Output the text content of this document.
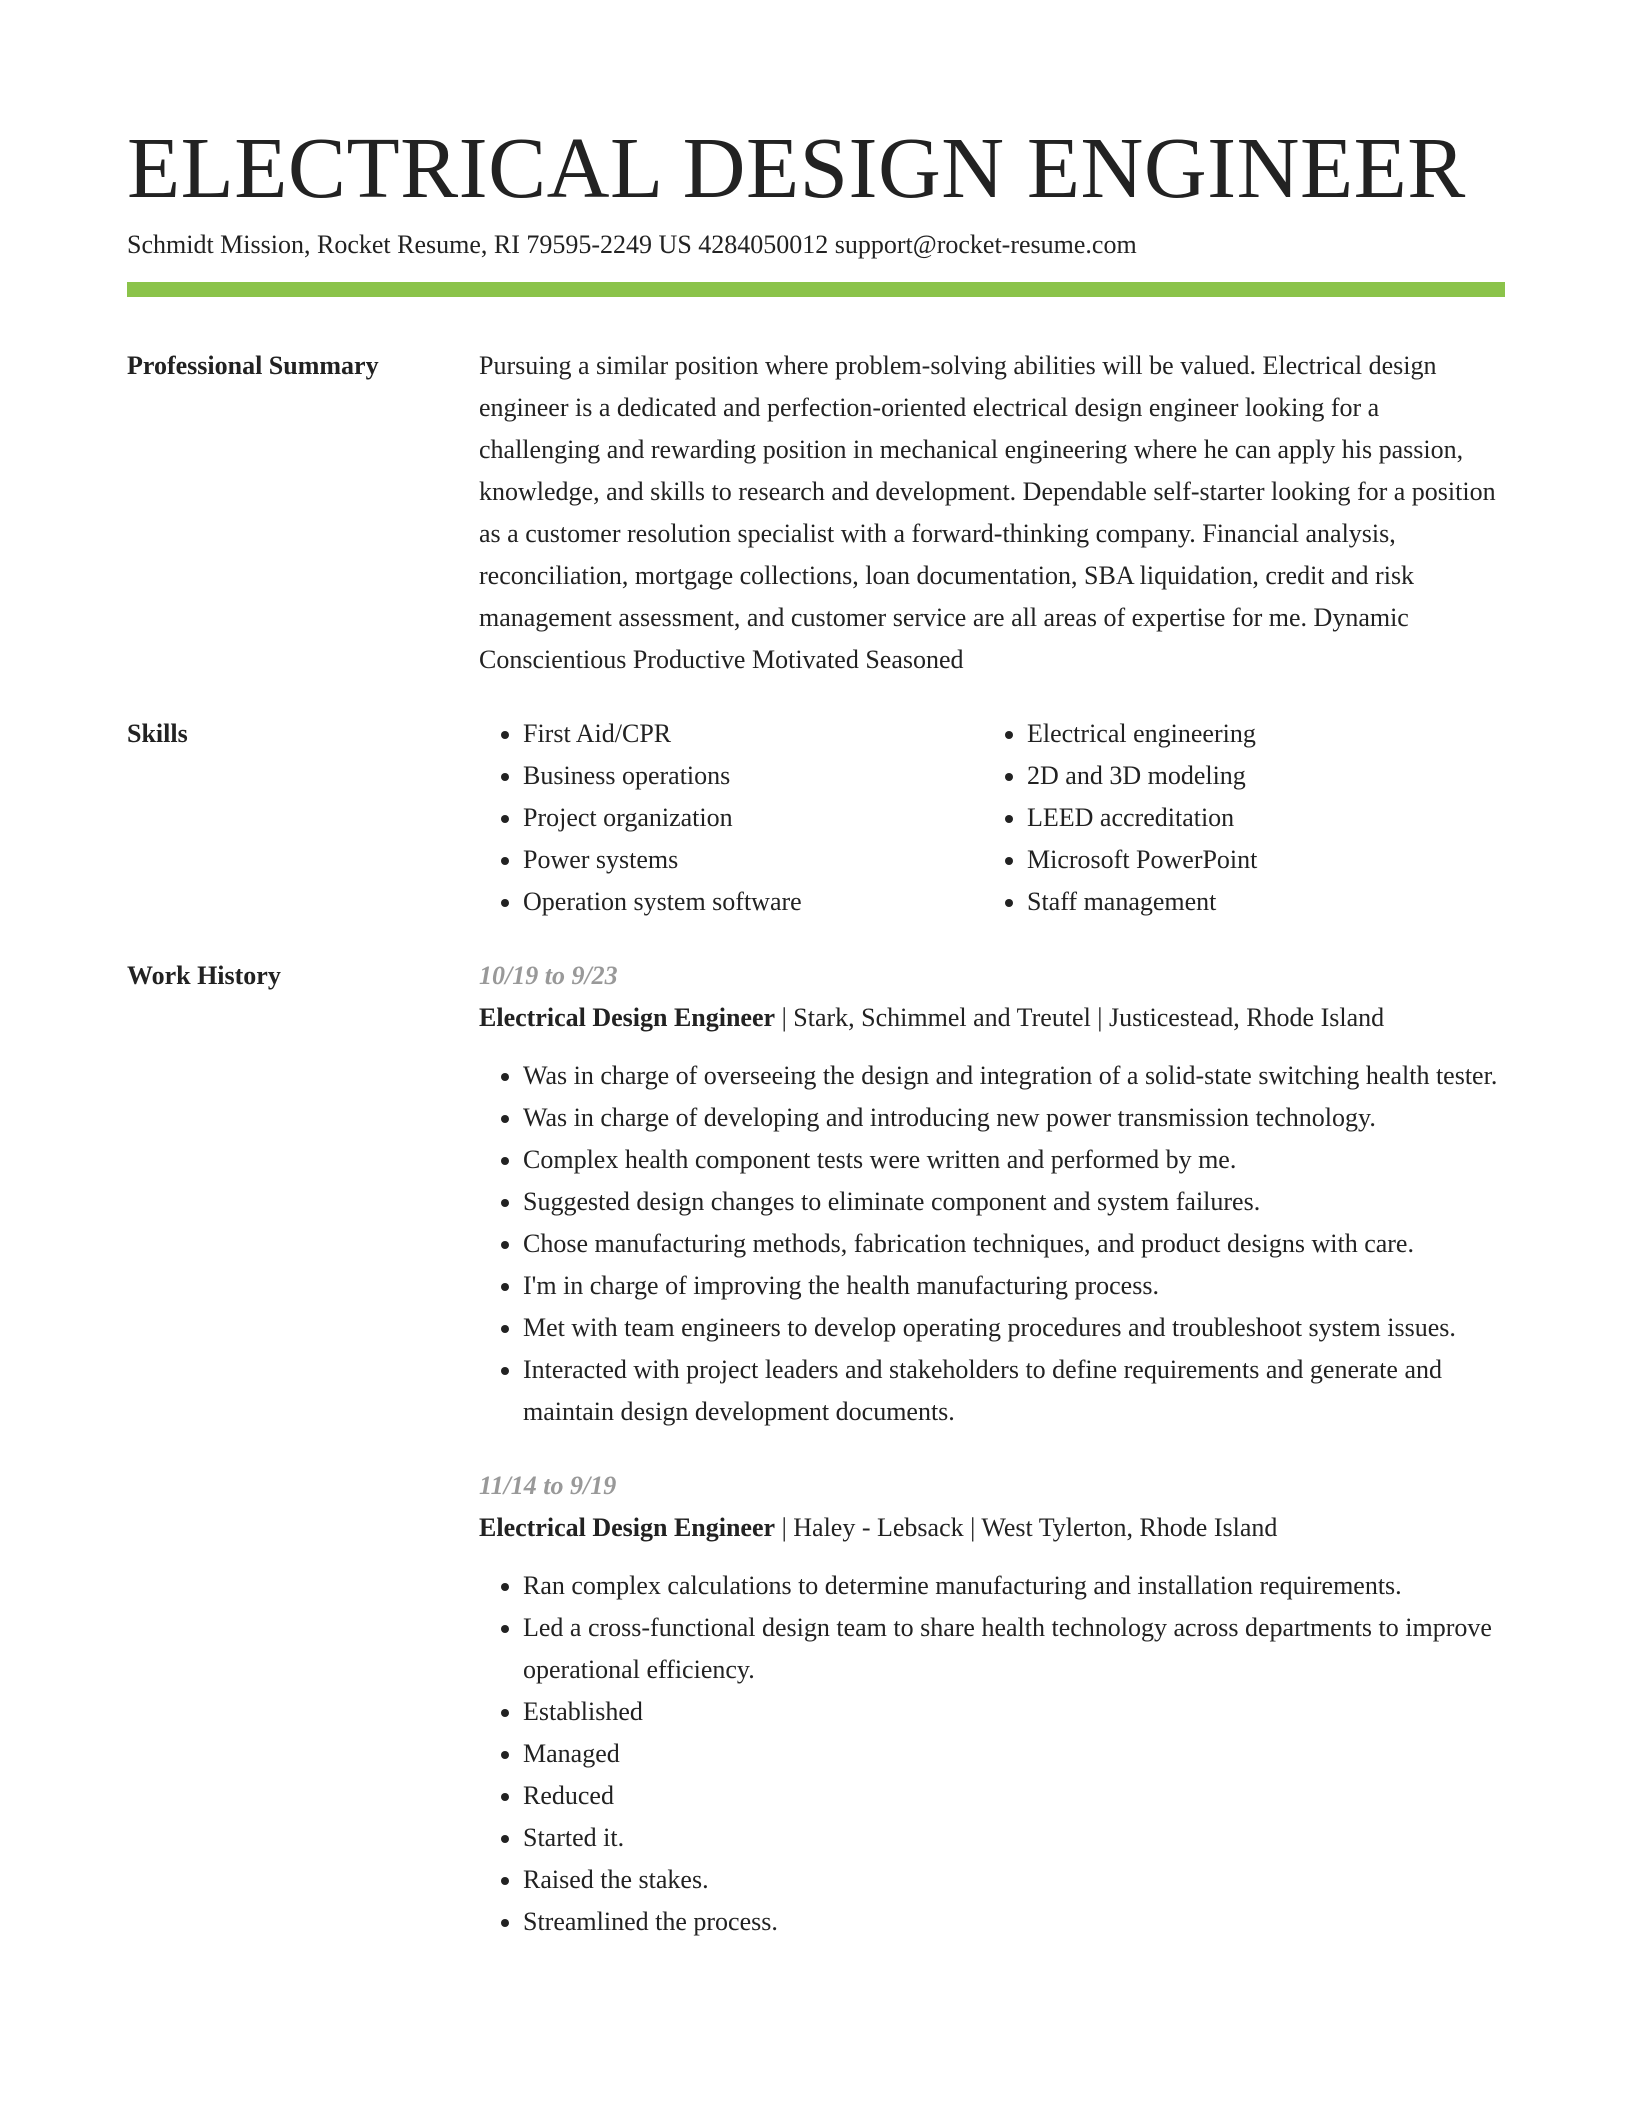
ELECTRICAL DESIGN ENGINEER
Schmidt Mission, Rocket Resume, RI 79595-2249 US 4284050012 support@rocket-resume.com
Professional Summary	Pursuing a similar position where problem-solving abilities will be valued. Electrical design engineer is a dedicated and perfection-oriented electrical design engineer looking for a challenging and rewarding position in mechanical engineering where he can apply his passion, knowledge, and skills to research and development. Dependable self-starter looking for a position as a customer resolution specialist with a forward-thinking company. Financial analysis, reconciliation, mortgage collections, loan documentation, SBA liquidation, credit and risk management assessment, and customer service are all areas of expertise for me. Dynamic Conscientious Productive Motivated Seasoned

Skills
•	First Aid/CPR
• Business operations
• Project organization
• Power systems
• Operation system software
• Electrical engineering
• 2D and 3D modeling
• LEED accreditation
• Microsoft PowerPoint
• Staff management
Work History	10/19 to 9/23
Electrical Design Engineer | Stark, Schimmel and Treutel | Justicestead, Rhode Island
• Was in charge of overseeing the design and integration of a solid-state switching health tester.
• Was in charge of developing and introducing new power transmission technology.
• Complex health component tests were written and performed by me.
• Suggested design changes to eliminate component and system failures.
• Chose manufacturing methods, fabrication techniques, and product designs with care.
• I'm in charge of improving the health manufacturing process.
• Met with team engineers to develop operating procedures and troubleshoot system issues.
• Interacted with project leaders and stakeholders to define requirements and generate and maintain design development documents.
11/14 to 9/19
Electrical Design Engineer | Haley - Lebsack | West Tylerton, Rhode Island
• Ran complex calculations to determine manufacturing and installation requirements.
• Led a cross-functional design team to share health technology across departments to improve operational efficiency.
• Established
• Managed
• Reduced
• Started it.
• Raised the stakes.
• Streamlined the process.
